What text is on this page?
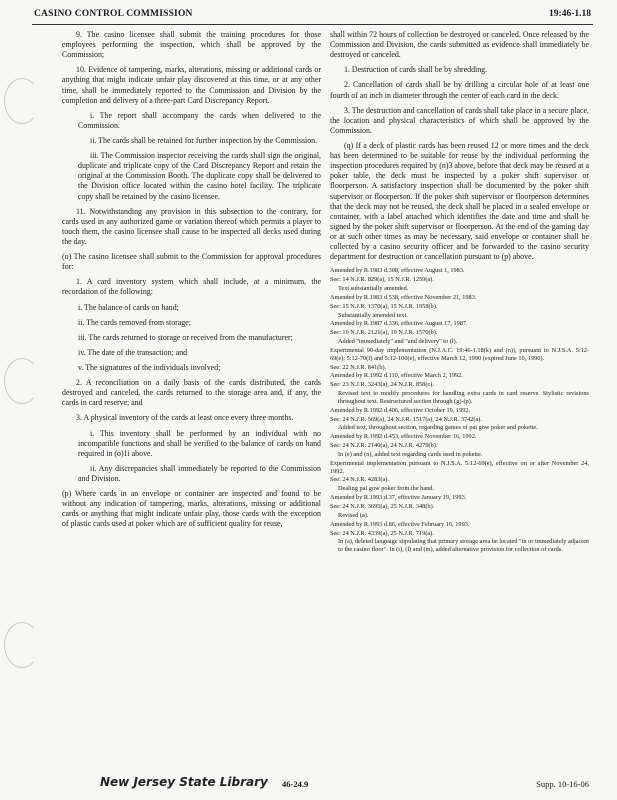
CASINO CONTROL COMMISSION	19:46-1.18

9. The casino licensee shall submit the training procedures for those employees performing the inspection, which shall be approved by the Commission;

10. Evidence of tampering, marks, alterations, missing or additional cards or anything that might indicate unfair play discovered at this time, or at any other time, shall be immediately reported to the Commission and Division by the completion and delivery of a three-part Card Discrepancy Report.

i. The report shall accompany the cards when delivered to the Commission.

ii. The cards shall be retained for further inspection by the Commission.

iii. The Commission inspector receiving the cards shall sign the original, duplicate and triplicate copy of the Card Discrepancy Report and retain the original at the Commission Booth. The duplicate copy shall be delivered to the Division office located within the casino hotel facility. The triplicate copy shall be retained by the casino licensee.

11. Notwithstanding any provision in this subsection to the contrary, for cards used in any authorized game or variation thereof which permits a player to touch them, the casino licensee shall cause to be inspected all decks used during the day.

(o) The casino licensee shall submit to the Commission for approval procedures for:

1. A card inventory system which shall include, at a minimum, the recordation of the following:

i. The balance of cards on hand;

ii. The cards removed from storage;

iii. The cards returned to storage or received from the manufacturer;

iv. The date of the transaction; and

v. The signatures of the individuals involved;

2. A reconciliation on a daily basis of the cards distributed, the cards destroyed and canceled, the cards returned to the storage area and, if any, the cards in card reserve; and

3. A physical inventory of the cards at least once every three months.

i. This inventory shall be performed by an individual with no incompatible functions and shall be verified to the balance of cards on hand required in (o)1i above.

ii. Any discrepancies shall immediately be reported to the Commission and Division.

(p) Where cards in an envelope or container are inspected and found to be without any indication of tampering, marks, alterations, missing or additional cards or anything that might indicate unfair play, those cards with the exception of plastic cards used at poker which are of sufficient quality for reuse,

shall within 72 hours of collection be destroyed or canceled. Once released by the Commission and Division, the cards submitted as evidence shall immediately be destroyed or canceled.

1. Destruction of cards shall be by shredding.

2. Cancellation of cards shall be by drilling a circular hole of at least one fourth of an inch in diameter through the center of each card in the deck.

3. The destruction and cancellation of cards shall take place in a secure place, the location and physical characteristics of which shall be approved by the Commission.

(q) If a deck of plastic cards has been reused 12 or more times and the deck has been determined to be suitable for reuse by the individual performing the inspection procedures required by (n)3 above, before that deck may be reused at a poker table, the deck must be inspected by a poker shift supervisor or floorperson. A satisfactory inspection shall be documented by the poker shift supervisor or floorperson. If the poker shift supervisor or floorperson determines that the deck may not be reused, the deck shall be placed in a sealed envelope or container, with a label attached which identifies the date and time and shall be signed by the poker shift supervisor or floorperson. At the end of the gaming day or at such other times as may be necessary, said envelope or container shall be collected by a casino security officer and be forwarded to the casino security department for destruction or cancellation pursuant to (p) above.

Amended by R.1983 d.308, effective August 1, 1983.

See: 14 N.J.R. 829(a), 15 N.J.R. 1259(a).

Text substantially amended.

Amended by R.1983 d.538, effective November 21, 1983.

See: 15 N.J.R. 1370(a), 15 N.J.R. 1958(b).

Substantially amended text.

Amended by R.1987 d.336, effective August 17, 1987.

See: 19 N.J.R. 2121(a), 19 N.J.R. 1570(b).

Added "immediately" and "and delivery" to (l).

Experimental 90-day implementation (N.J.A.C. 19:46-1.18(k) and (n)), pursuant to N.J.S.A. 5:12-69(e); 5:12-70(f) and 5:12-100(e), effective March 12, 1990 (expired June 10, 1990).

See: 22 N.J.R. 841(b).

Amended by R.1992 d.110, effective March 2, 1992.

See: 23 N.J.R. 3243(a), 24 N.J.R. 858(c).

Revised text to modify procedures for handling extra cards in card reserve. Stylistic revisions throughout text. Restructured section through (g)-(p).

Amended by R.1992 d.406, effective October 19, 1992.

See: 24 N.J.R. 569(a), 24 N.J.R. 1517(a), 24 N.J.R. 3742(a).

Added text, throughout section, regarding games of pai gow poker and pokette.

Amended by R.1992 d.453, effective November 16, 1992.

See: 24 N.J.R. 2140(a), 24 N.J.R. 4279(b).

In (e) and (n), added text regarding cards used in pokette.

Experimental implementation pursuant to N.J.S.A. 5:12-69(e), effective on or after November 24, 1992.

See: 24 N.J.R. 4283(a).

Dealing pai gow poker from the hand.

Amended by R.1993 d.37, effective January 19, 1993.

See: 24 N.J.R. 3695(a), 25 N.J.R. 348(b).

Revised (a).

Amended by R.1993 d.86, effective February 16, 1993.

See: 24 N.J.R. 4339(a), 25 N.J.R. 719(a).

In (a), deleted language stipulating that primary storage area be located "in or immediately adjacent to the casino floor". In (i), (l) and (m), added alternative provision for collection of cards.

New Jersey State Library 46-24.9	Supp. 10-16-06
